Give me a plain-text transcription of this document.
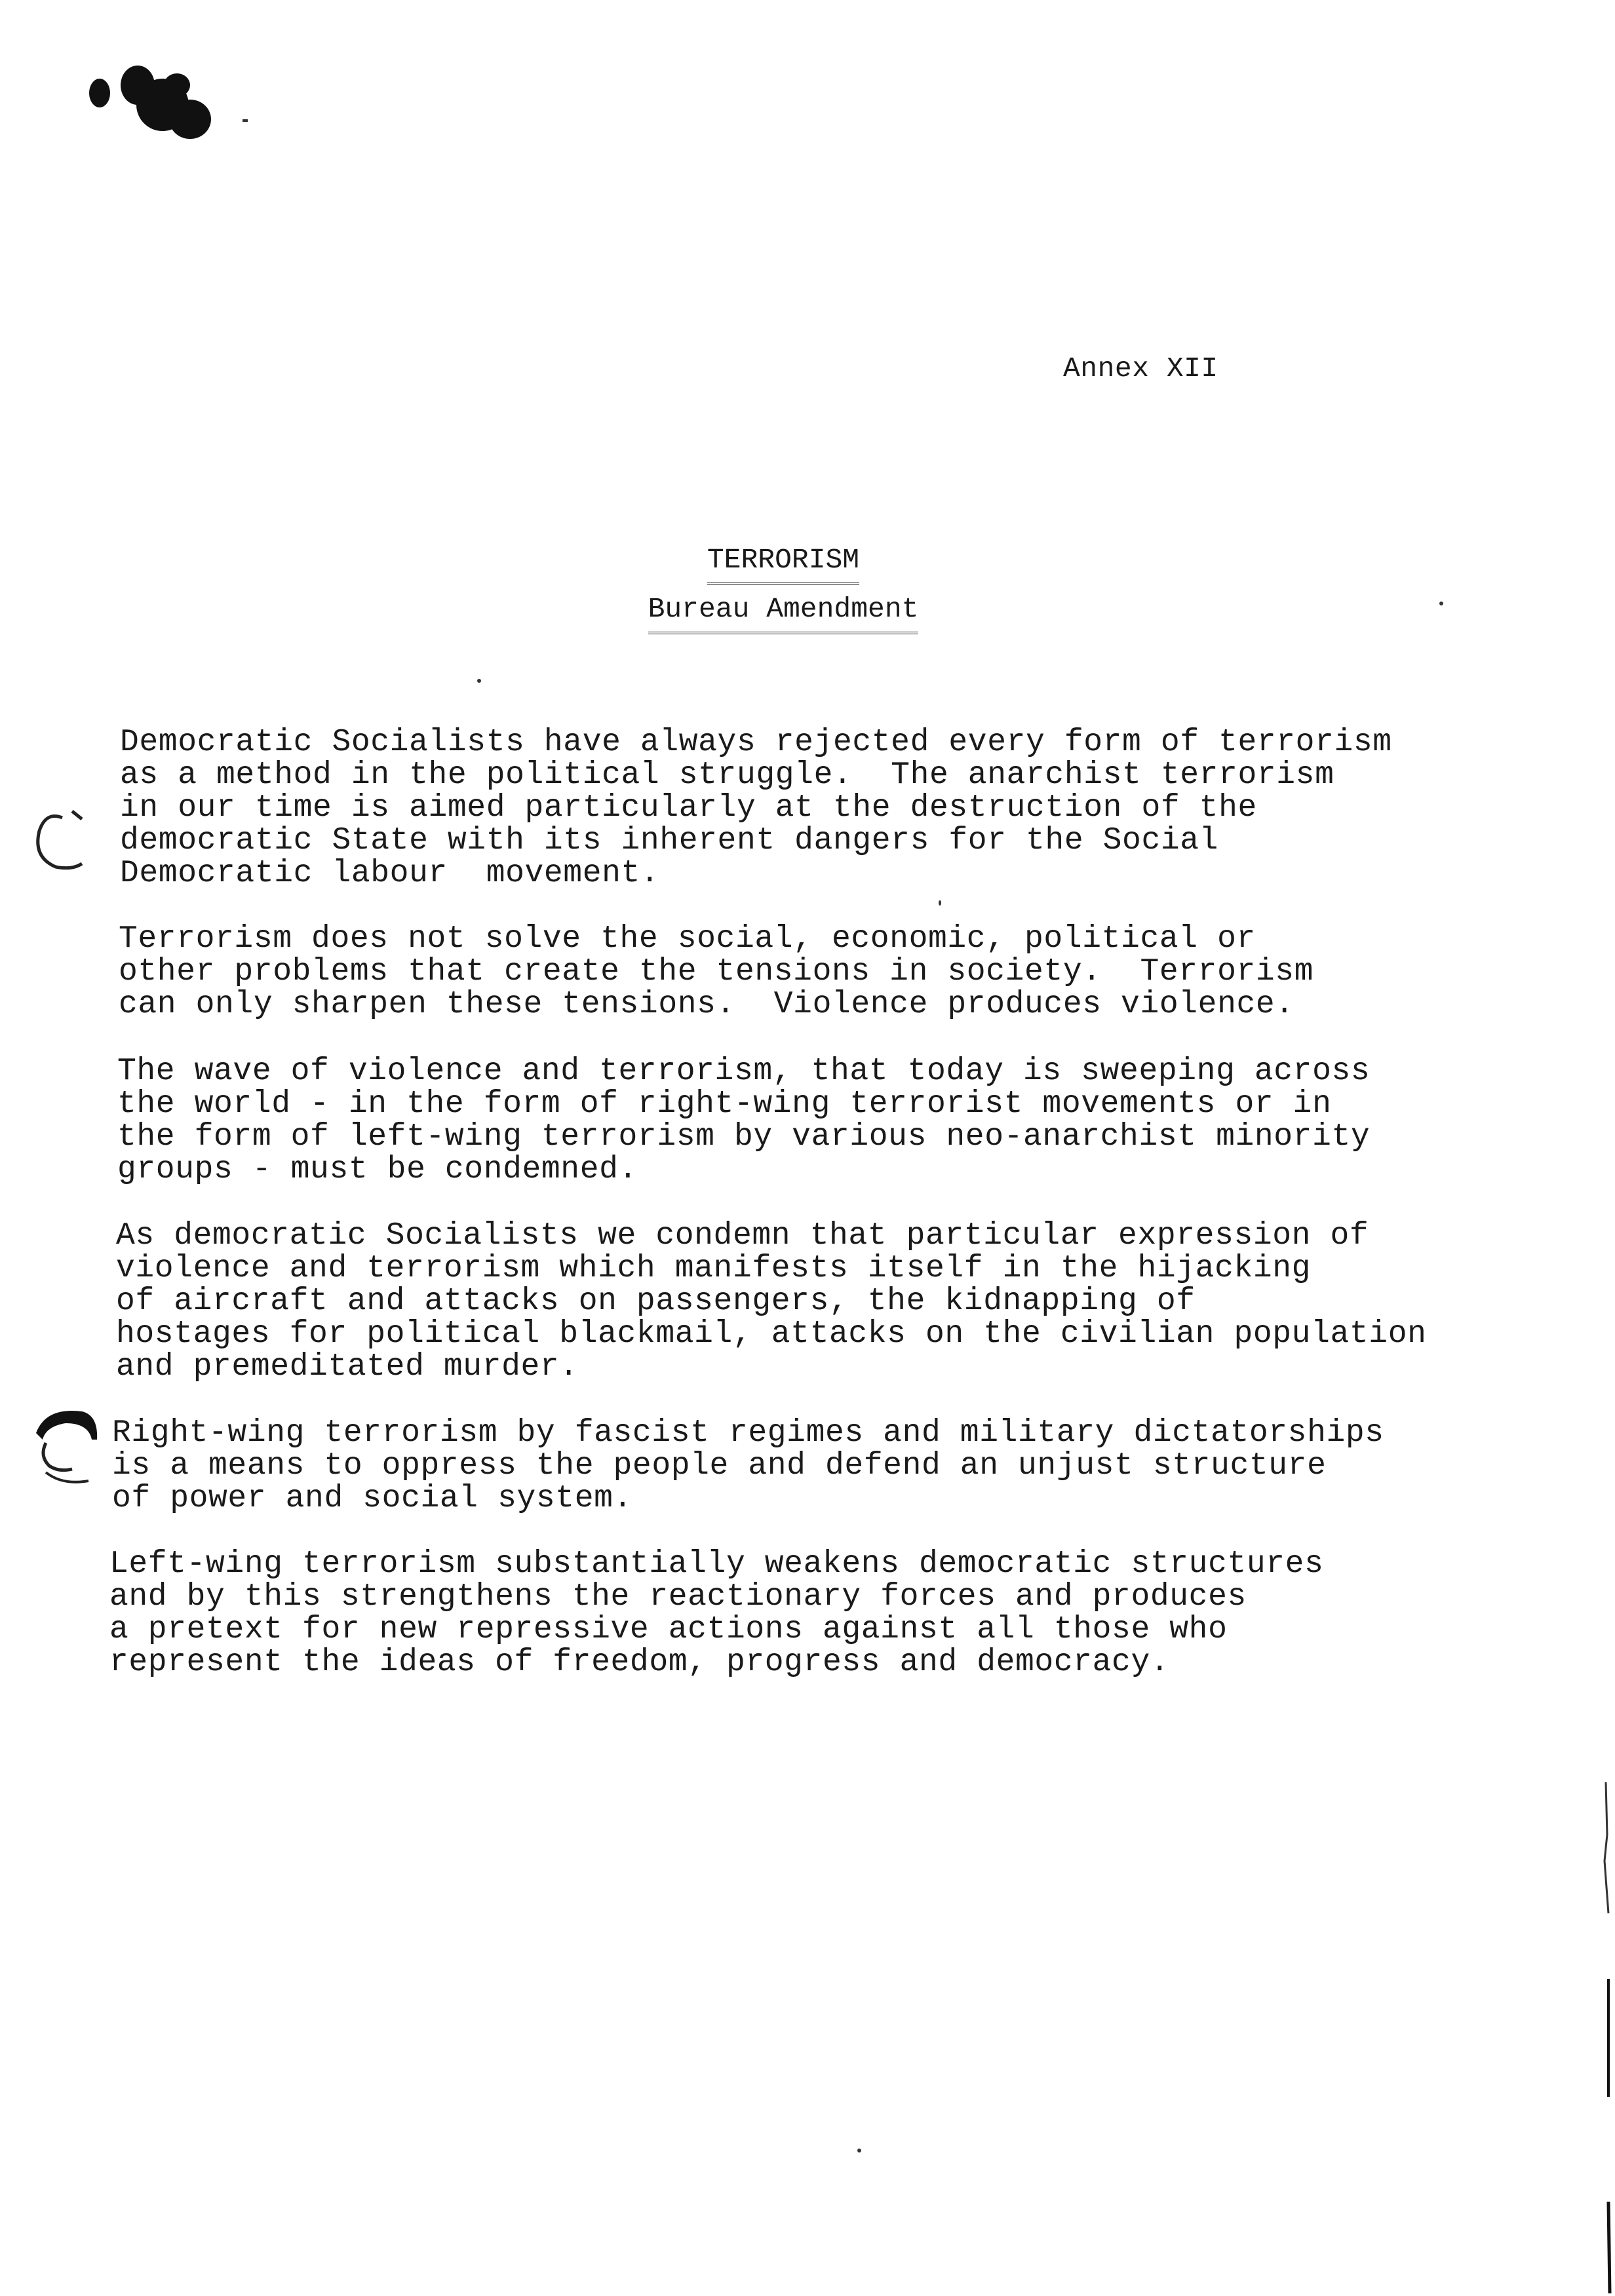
Annex XII
TERRORISM
Bureau Amendment
Democratic Socialists have always rejected every form of terrorism
as a method in the political struggle.  The anarchist terrorism
in our time is aimed particularly at the destruction of the
democratic State with its inherent dangers for the Social
Democratic labour  movement.
Terrorism does not solve the social, economic, political or
other problems that create the tensions in society.  Terrorism
can only sharpen these tensions.  Violence produces violence.
The wave of violence and terrorism, that today is sweeping across
the world - in the form of right-wing terrorist movements or in
the form of left-wing terrorism by various neo-anarchist minority
groups - must be condemned.
As democratic Socialists we condemn that particular expression of
violence and terrorism which manifests itself in the hijacking
of aircraft and attacks on passengers, the kidnapping of
hostages for political blackmail, attacks on the civilian population
and premeditated murder.
Right-wing terrorism by fascist regimes and military dictatorships
is a means to oppress the people and defend an unjust structure
of power and social system.
Left-wing terrorism substantially weakens democratic structures
and by this strengthens the reactionary forces and produces
a pretext for new repressive actions against all those who
represent the ideas of freedom, progress and democracy.
